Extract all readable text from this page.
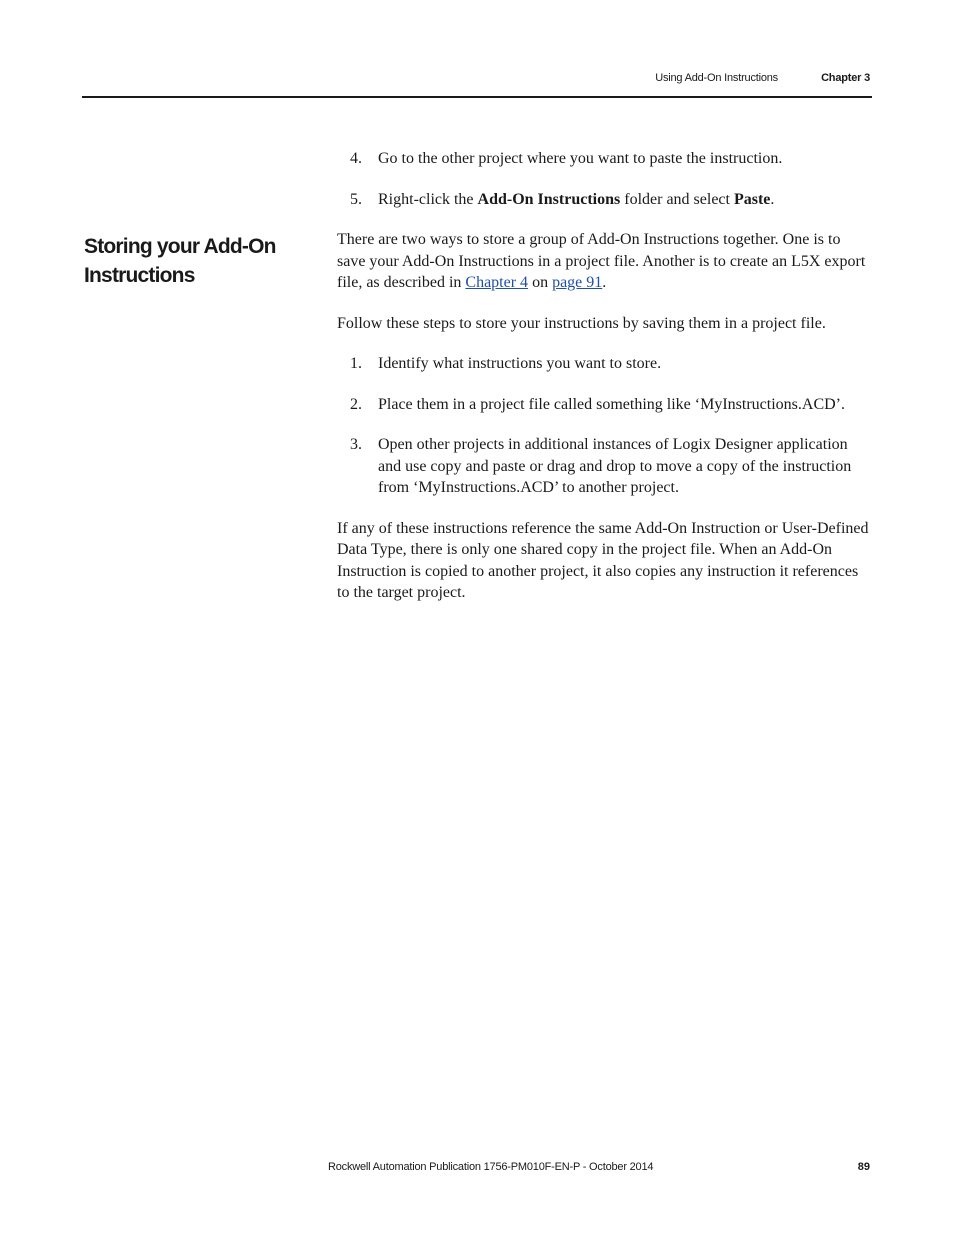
Using Add-On Instructions	Chapter 3
Storing your Add-On Instructions
4. Go to the other project where you want to paste the instruction.
5. Right-click the Add-On Instructions folder and select Paste.

There are two ways to store a group of Add-On Instructions together. One is to save your Add-On Instructions in a project file. Another is to create an L5X export file, as described in Chapter 4 on page 91.

Follow these steps to store your instructions by saving them in a project file.

1. Identify what instructions you want to store.
2. Place them in a project file called something like ‘MyInstructions.ACD’.
3. Open other projects in additional instances of Logix Designer application and use copy and paste or drag and drop to move a copy of the instruction from ‘MyInstructions.ACD’ to another project.

If any of these instructions reference the same Add-On Instruction or User-Defined Data Type, there is only one shared copy in the project file. When an Add-On Instruction is copied to another project, it also copies any instruction it references to the target project.

Rockwell Automation Publication 1756-PM010F-EN-P - October 2014	89
